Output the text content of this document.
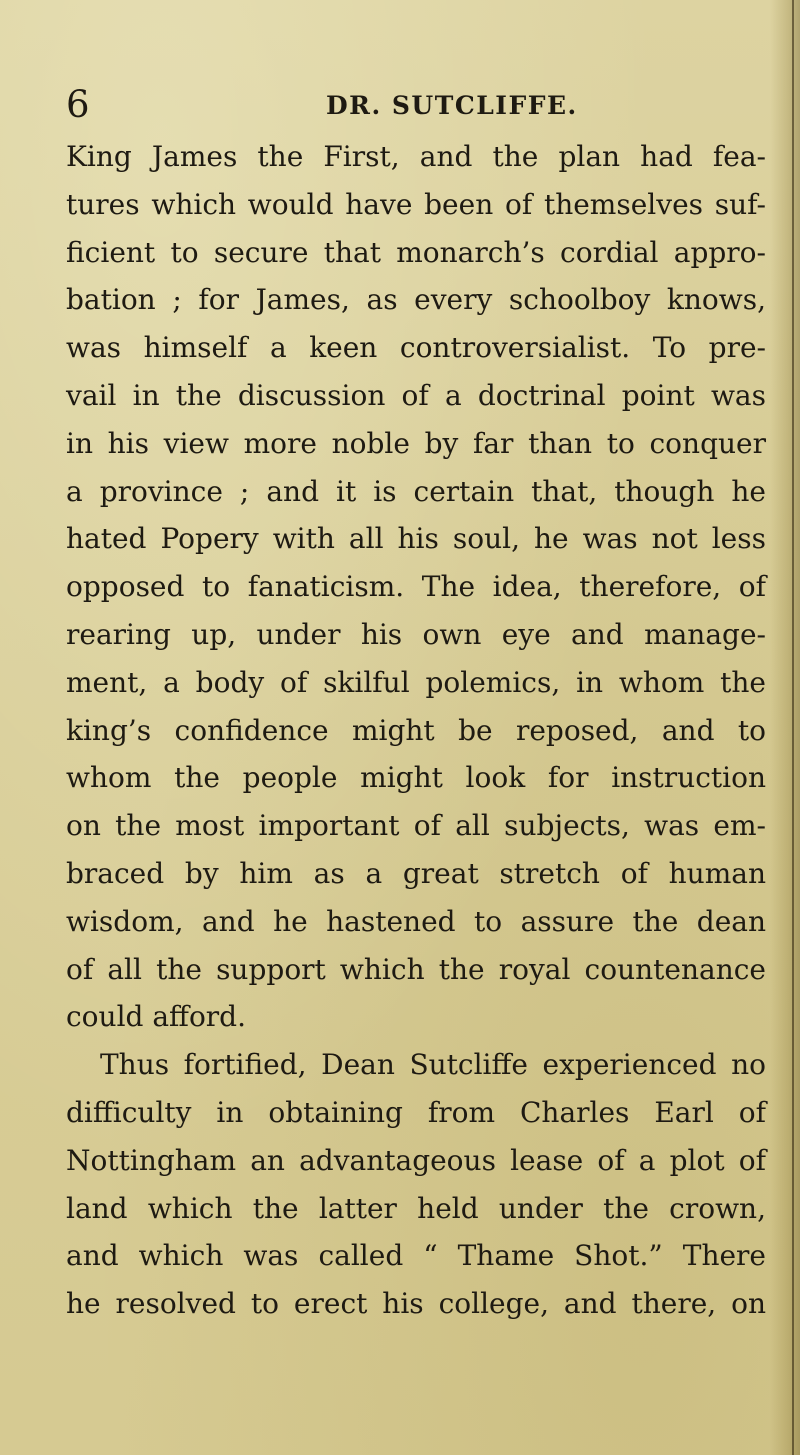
6	DR. SUTCLIFFE.
King James the First, and the plan had fea-
tures which would have been of themselves suf-
ficient to secure that monarch’s cordial appro-
bation ; for James, as every schoolboy knows,
was himself a keen controversialist. To pre-
vail in the discussion of a doctrinal point was
in his view more noble by far than to conquer
a province ; and it is certain that, though he
hated Popery with all his soul, he was not less
opposed to fanaticism. The idea, therefore, of
rearing up, under his own eye and manage-
ment, a body of skilful polemics, in whom the
king’s confidence might be reposed, and to
whom the people might look for instruction
on the most important of all subjects, was em-
braced by him as a great stretch of human
wisdom, and he hastened to assure the dean
of all the support which the royal countenance
could afford.
Thus fortified, Dean Sutcliffe experienced no
difficulty in obtaining from Charles Earl of
Nottingham an advantageous lease of a plot of
land which the latter held under the crown,
and which was called “ Thame Shot.” There
he resolved to erect his college, and there, on
